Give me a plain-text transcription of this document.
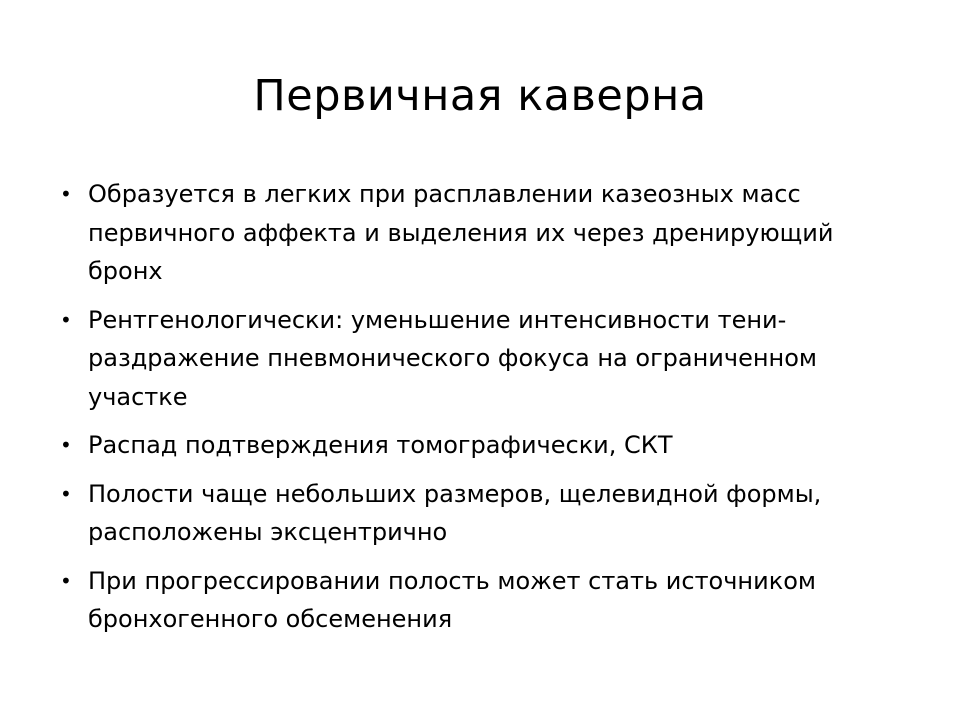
Первичная каверна
• Образуется в легких при расплавлении казеозных масс первичного аффекта и выделения их через дренирующий бронх
• Рентгенологически: уменьшение интенсивности тени-раздражение пневмонического фокуса на ограниченном участке
• Распад подтверждения томографически, СКТ
• Полости чаще небольших размеров, щелевидной формы, расположены эксцентрично
• При прогрессировании полость может стать источником бронхогенного обсеменения
